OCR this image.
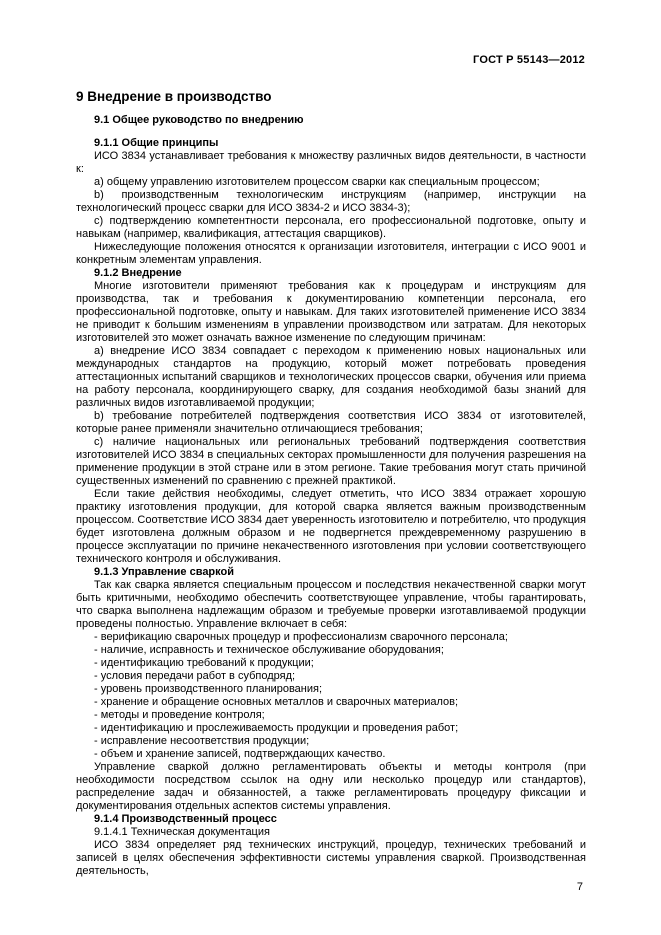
ГОСТ Р 55143—2012
9 Внедрение в производство
9.1 Общее руководство по внедрению
9.1.1 Общие принципы
ИСО 3834 устанавливает требования к множеству различных видов деятельности, в частности к:
а) общему управлению изготовителем процессом сварки как специальным процессом;
b) производственным технологическим инструкциям (например, инструкции на технологический процесс сварки для ИСО 3834-2 и ИСО 3834-3);
с) подтверждению компетентности персонала, его профессиональной подготовке, опыту и навыкам (например, квалификация, аттестация сварщиков).
Нижеследующие положения относятся к организации изготовителя, интеграции с ИСО 9001 и конкретным элементам управления.
9.1.2 Внедрение
Многие изготовители применяют требования как к процедурам и инструкциям для производства, так и требования к документированию компетенции персонала, его профессиональной подготовке, опыту и навыкам. Для таких изготовителей применение ИСО 3834 не приводит к большим изменениям в управлении производством или затратам. Для некоторых изготовителей это может означать важное изменение по следующим причинам:
а) внедрение ИСО 3834 совпадает с переходом к применению новых национальных или международных стандартов на продукцию, который может потребовать проведения аттестационных испытаний сварщиков и технологических процессов сварки, обучения или приема на работу персонала, координирующего сварку, для создания необходимой базы знаний для различных видов изготавливаемой продукции;
b) требование потребителей подтверждения соответствия ИСО 3834 от изготовителей, которые ранее применяли значительно отличающиеся требования;
с) наличие национальных или региональных требований подтверждения соответствия изготовителей ИСО 3834 в специальных секторах промышленности для получения разрешения на применение продукции в этой стране или в этом регионе. Такие требования могут стать причиной существенных изменений по сравнению с прежней практикой.
Если такие действия необходимы, следует отметить, что ИСО 3834 отражает хорошую практику изготовления продукции, для которой сварка является важным производственным процессом. Соответствие ИСО 3834 дает уверенность изготовителю и потребителю, что продукция будет изготовлена должным образом и не подвергнется преждевременному разрушению в процессе эксплуатации по причине некачественного изготовления при условии соответствующего технического контроля и обслуживания.
9.1.3 Управление сваркой
Так как сварка является специальным процессом и последствия некачественной сварки могут быть критичными, необходимо обеспечить соответствующее управление, чтобы гарантировать, что сварка выполнена надлежащим образом и требуемые проверки изготавливаемой продукции проведены полностью. Управление включает в себя:
- верификацию сварочных процедур и профессионализм сварочного персонала;
- наличие, исправность и техническое обслуживание оборудования;
- идентификацию требований к продукции;
- условия передачи работ в субподряд;
- уровень производственного планирования;
- хранение и обращение основных металлов и сварочных материалов;
- методы и проведение контроля;
- идентификацию и прослеживаемость продукции и проведения работ;
- исправление несоответствия продукции;
- объем и хранение записей, подтверждающих качество.
Управление сваркой должно регламентировать объекты и методы контроля (при необходимости посредством ссылок на одну или несколько процедур или стандартов), распределение задач и обязанностей, а также регламентировать процедуру фиксации и документирования отдельных аспектов системы управления.
9.1.4 Производственный процесс
9.1.4.1 Техническая документация
ИСО 3834 определяет ряд технических инструкций, процедур, технических требований и записей в целях обеспечения эффективности системы управления сваркой. Производственная деятельность,
7
